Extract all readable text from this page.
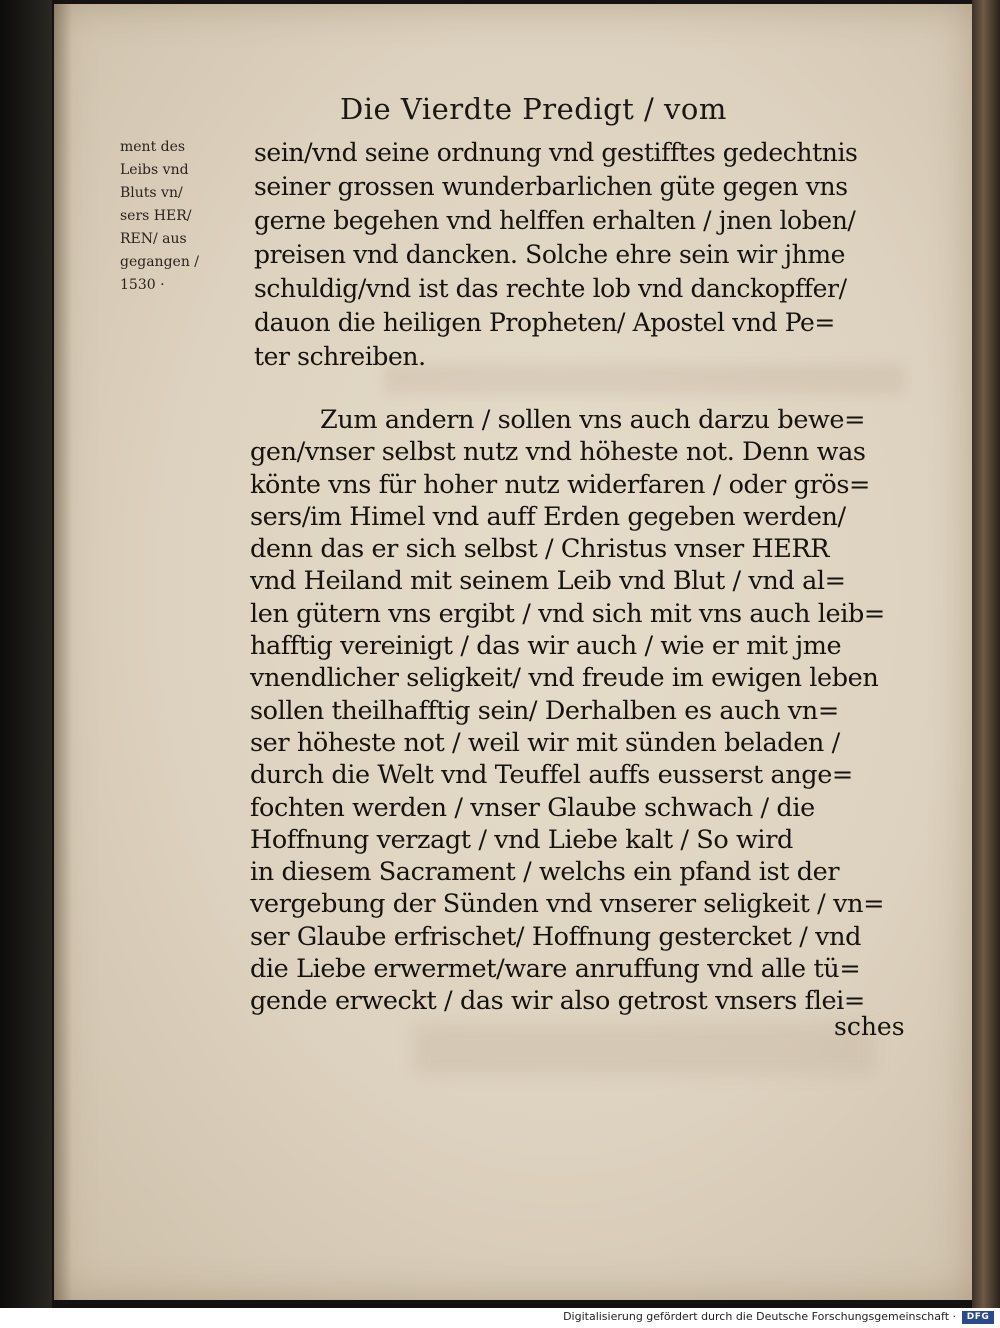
Die Vierdte Predigt / vom
ment des
Leibs vnd
Bluts vn/
sers HER/
REN/ aus
gegangen /
1530 ·
sein/vnd seine ordnung vnd gestifftes gedechtnis
seiner grossen wunderbarlichen güte gegen vns
gerne begehen vnd helffen erhalten / jnen loben/
preisen vnd dancken. Solche ehre sein wir jhme
schuldig/vnd ist das rechte lob vnd danckopffer/
dauon die heiligen Propheten/ Apostel vnd Pe=
ter schreiben.
Zum andern / sollen vns auch darzu bewe=
gen/vnser selbst nutz vnd höheste not. Denn was
könte vns für hoher nutz widerfaren / oder grös=
sers/im Himel vnd auff Erden gegeben werden/
denn das er sich selbst / Christus vnser HERR
vnd Heiland mit seinem Leib vnd Blut / vnd al=
len gütern vns ergibt / vnd sich mit vns auch leib=
hafftig vereinigt / das wir auch / wie er mit jme
vnendlicher seligkeit/ vnd freude im ewigen leben
sollen theilhafftig sein/ Derhalben es auch vn=
ser höheste not / weil wir mit sünden beladen /
durch die Welt vnd Teuffel auffs eusserst ange=
fochten werden / vnser Glaube schwach / die
Hoffnung verzagt / vnd Liebe kalt / So wird
in diesem Sacrament / welchs ein pfand ist der
vergebung der Sünden vnd vnserer seligkeit / vn=
ser Glaube erfrischet/ Hoffnung gestercket / vnd
die Liebe erwermet/ware anruffung vnd alle tü=
gende erweckt / das wir also getrost vnsers flei=
sches
Digitalisierung gefördert durch die Deutsche Forschungsgemeinschaft ·	DFG
